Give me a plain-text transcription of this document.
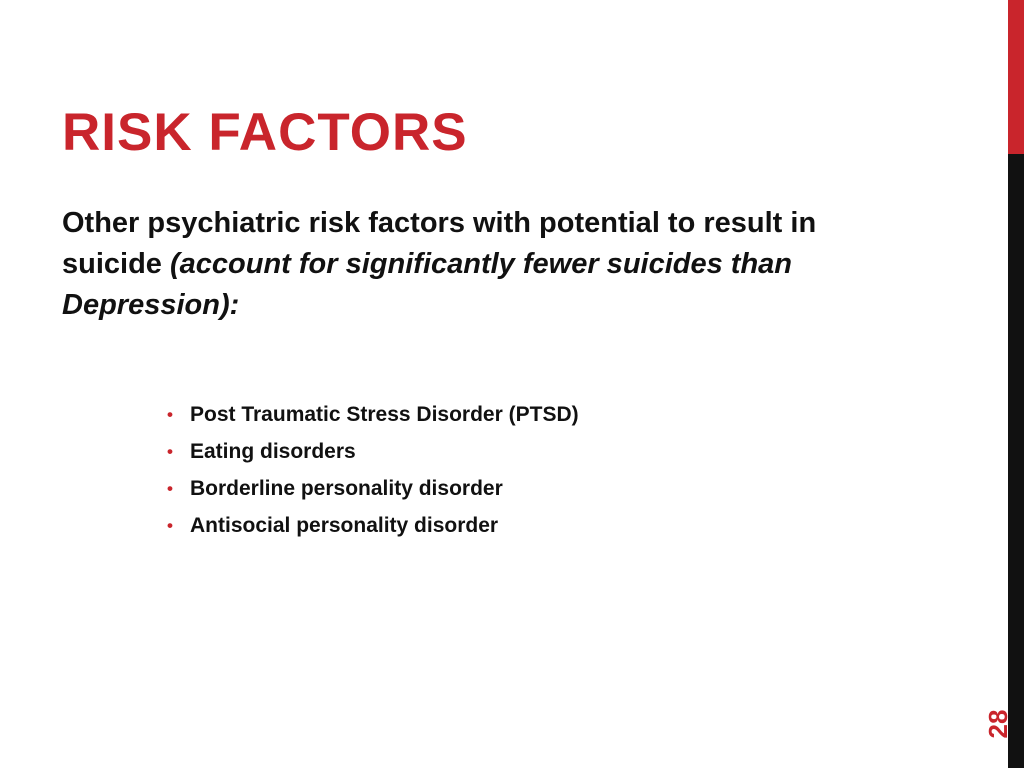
RISK FACTORS

Other psychiatric risk factors with potential to result in suicide (account for significantly fewer suicides than Depression):

• Post Traumatic Stress Disorder (PTSD)
• Eating disorders
• Borderline personality disorder
• Antisocial personality disorder
28
